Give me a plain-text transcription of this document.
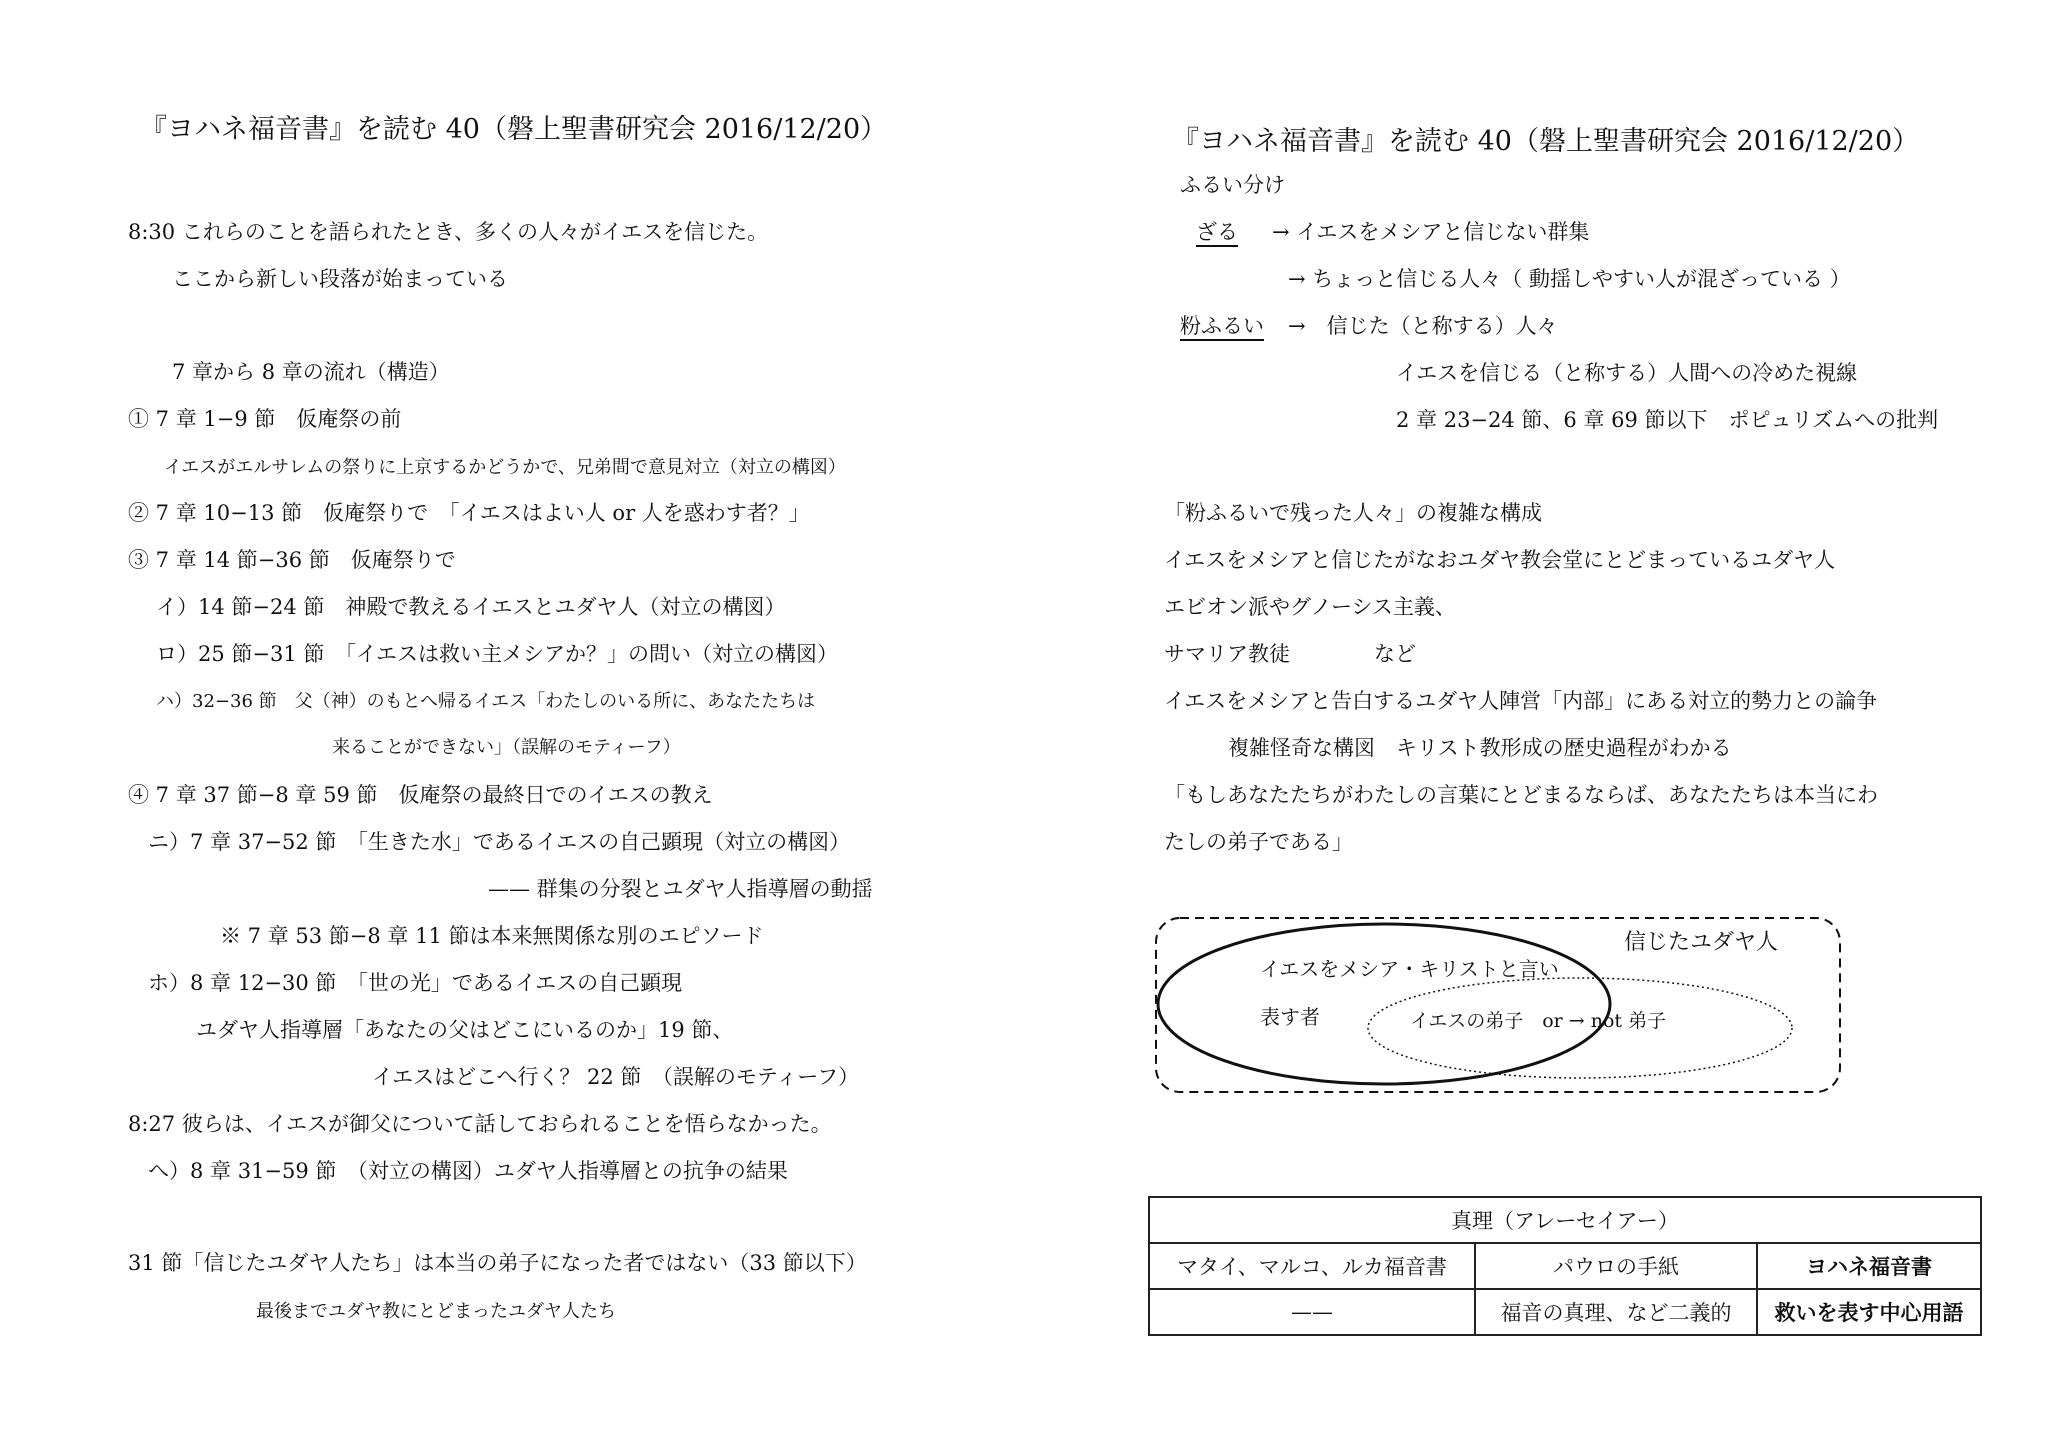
『ヨハネ福音書』を読む 40（磐上聖書研究会 2016/12/20）
8:30 これらのことを語られたとき、多くの人々がイエスを信じた。
ここから新しい段落が始まっている
7 章から 8 章の流れ（構造）
① 7 章 1−9 節　仮庵祭の前
イエスがエルサレムの祭りに上京するかどうかで、兄弟間で意見対立（対立の構図）
② 7 章 10−13 節　仮庵祭りで　「イエスはよい人 or 人を惑わす者？」
③ 7 章 14 節−36 節　仮庵祭りで
イ）14 節−24 節　神殿で教えるイエスとユダヤ人（対立の構図）
ロ）25 節−31 節　「イエスは救い主メシアか？」の問い（対立の構図）
ハ）32−36 節　父（神）のもとへ帰るイエス「わたしのいる所に、あなたたちは
来ることができない」（誤解のモティーフ）
④ 7 章 37 節−8 章 59 節　仮庵祭の最終日でのイエスの教え
ニ）7 章 37−52 節　「生きた水」であるイエスの自己顕現（対立の構図）
—— 群集の分裂とユダヤ人指導層の動揺
※ 7 章 53 節−8 章 11 節は本来無関係な別のエピソード
ホ）8 章 12−30 節　「世の光」であるイエスの自己顕現
ユダヤ人指導層「あなたの父はどこにいるのか」19 節、
イエスはどこへ行く？ 22 節　（誤解のモティーフ）
8:27 彼らは、イエスが御父について話しておられることを悟らなかった。
へ）8 章 31−59 節　（対立の構図）ユダヤ人指導層との抗争の結果
31 節「信じたユダヤ人たち」は本当の弟子になった者ではない（33 節以下）
最後までユダヤ教にとどまったユダヤ人たち
『ヨハネ福音書』を読む 40（磐上聖書研究会 2016/12/20）
ふるい分け
ざる → イエスをメシアと信じない群集
→ ちょっと信じる人々（ 動揺しやすい人が混ざっている ）
粉ふるい →　信じた（と称する）人々
イエスを信じる（と称する）人間への冷めた視線
2 章 23−24 節、6 章 69 節以下　ポピュリズムへの批判
「粉ふるいで残った人々」の複雑な構成
イエスをメシアと信じたがなおユダヤ教会堂にとどまっているユダヤ人
エビオン派やグノーシス主義、
サマリア教徒　　　　など
イエスをメシアと告白するユダヤ人陣営「内部」にある対立的勢力との論争
複雑怪奇な構図　キリスト教形成の歴史過程がわかる
「もしあなたたちがわたしの言葉にとどまるならば、あなたたちは本当にわ
たしの弟子である」
信じたユダヤ人
イエスをメシア・キリストと言い
表す者	イエスの弟子　or → not 弟子
真理（アレーセイアー）		
マタイ、マルコ、ルカ福音書	パウロの手紙	ヨハネ福音書
——	福音の真理、など二義的	救いを表す中心用語
